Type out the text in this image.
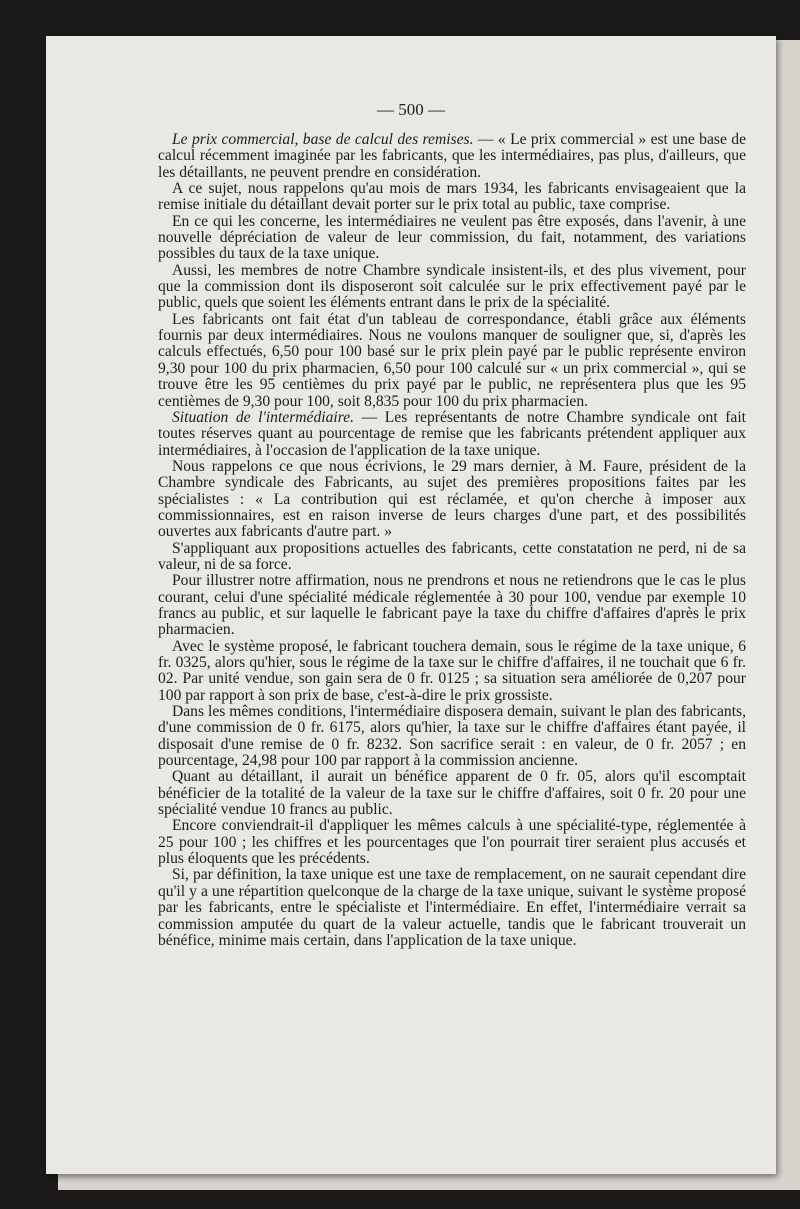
— 500 —

Le prix commercial, base de calcul des remises. — « Le prix commercial » est une base de calcul récemment imaginée par les fabricants, que les intermédiaires, pas plus, d'ailleurs, que les détaillants, ne peuvent prendre en considération.

A ce sujet, nous rappelons qu'au mois de mars 1934, les fabricants envisageaient que la remise initiale du détaillant devait porter sur le prix total au public, taxe comprise.

En ce qui les concerne, les intermédiaires ne veulent pas être exposés, dans l'avenir, à une nouvelle dépréciation de valeur de leur commission, du fait, notamment, des variations possibles du taux de la taxe unique.

Aussi, les membres de notre Chambre syndicale insistent-ils, et des plus vivement, pour que la commission dont ils disposeront soit calculée sur le prix effectivement payé par le public, quels que soient les éléments entrant dans le prix de la spécialité.

Les fabricants ont fait état d'un tableau de correspondance, établi grâce aux éléments fournis par deux intermédiaires. Nous ne voulons manquer de souligner que, si, d'après les calculs effectués, 6,50 pour 100 basé sur le prix plein payé par le public représente environ 9,30 pour 100 du prix pharmacien, 6,50 pour 100 calculé sur « un prix commercial », qui se trouve être les 95 centièmes du prix payé par le public, ne représentera plus que les 95 centièmes de 9,30 pour 100, soit 8,835 pour 100 du prix pharmacien.

Situation de l'intermédiaire. — Les représentants de notre Chambre syndicale ont fait toutes réserves quant au pourcentage de remise que les fabricants prétendent appliquer aux intermédiaires, à l'occasion de l'application de la taxe unique.

Nous rappelons ce que nous écrivions, le 29 mars dernier, à M. Faure, président de la Chambre syndicale des Fabricants, au sujet des premières propositions faites par les spécialistes : « La contribution qui est réclamée, et qu'on cherche à imposer aux commissionnaires, est en raison inverse de leurs charges d'une part, et des possibilités ouvertes aux fabricants d'autre part. »

S'appliquant aux propositions actuelles des fabricants, cette constatation ne perd, ni de sa valeur, ni de sa force.

Pour illustrer notre affirmation, nous ne prendrons et nous ne retiendrons que le cas le plus courant, celui d'une spécialité médicale réglementée à 30 pour 100, vendue par exemple 10 francs au public, et sur laquelle le fabricant paye la taxe du chiffre d'affaires d'après le prix pharmacien.

Avec le système proposé, le fabricant touchera demain, sous le régime de la taxe unique, 6 fr. 0325, alors qu'hier, sous le régime de la taxe sur le chiffre d'affaires, il ne touchait que 6 fr. 02. Par unité vendue, son gain sera de 0 fr. 0125 ; sa situation sera améliorée de 0,207 pour 100 par rapport à son prix de base, c'est-à-dire le prix grossiste.

Dans les mêmes conditions, l'intermédiaire disposera demain, suivant le plan des fabricants, d'une commission de 0 fr. 6175, alors qu'hier, la taxe sur le chiffre d'affaires étant payée, il disposait d'une remise de 0 fr. 8232. Son sacrifice serait : en valeur, de 0 fr. 2057 ; en pourcentage, 24,98 pour 100 par rapport à la commission ancienne.

Quant au détaillant, il aurait un bénéfice apparent de 0 fr. 05, alors qu'il escomptait bénéficier de la totalité de la valeur de la taxe sur le chiffre d'affaires, soit 0 fr. 20 pour une spécialité vendue 10 francs au public.

Encore conviendrait-il d'appliquer les mêmes calculs à une spécialité-type, réglementée à 25 pour 100 ; les chiffres et les pourcentages que l'on pourrait tirer seraient plus accusés et plus éloquents que les précédents.

Si, par définition, la taxe unique est une taxe de remplacement, on ne saurait cependant dire qu'il y a une répartition quelconque de la charge de la taxe unique, suivant le système proposé par les fabricants, entre le spécialiste et l'intermédiaire. En effet, l'intermédiaire verrait sa commission amputée du quart de la valeur actuelle, tandis que le fabricant trouverait un bénéfice, minime mais certain, dans l'application de la taxe unique.
